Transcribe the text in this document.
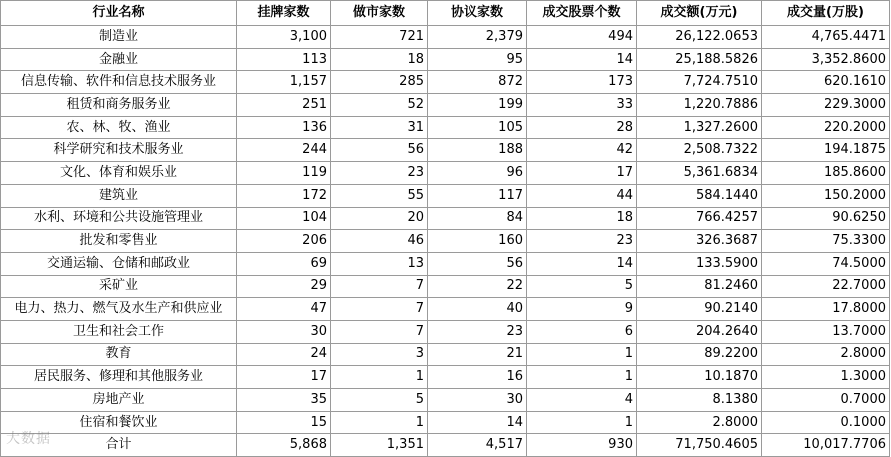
行业名称	挂牌家数	做市家数	协议家数	成交股票个数	成交额(万元)	成交量(万股)
制造业	3,100	721	2,379	494	26,122.0653	4,765.4471
金融业	113	18	95	14	25,188.5826	3,352.8600
信息传输、软件和信息技术服务业	1,157	285	872	173	7,724.7510	620.1610
租赁和商务服务业	251	52	199	33	1,220.7886	229.3000
农、林、牧、渔业	136	31	105	28	1,327.2600	220.2000
科学研究和技术服务业	244	56	188	42	2,508.7322	194.1875
文化、体育和娱乐业	119	23	96	17	5,361.6834	185.8600
建筑业	172	55	117	44	584.1440	150.2000
水利、环境和公共设施管理业	104	20	84	18	766.4257	90.6250
批发和零售业	206	46	160	23	326.3687	75.3300
交通运输、仓储和邮政业	69	13	56	14	133.5900	74.5000
采矿业	29	7	22	5	81.2460	22.7000
电力、热力、燃气及水生产和供应业	47	7	40	9	90.2140	17.8000
卫生和社会工作	30	7	23	6	204.2640	13.7000
教育	24	3	21	1	89.2200	2.8000
居民服务、修理和其他服务业	17	1	16	1	10.1870	1.3000
房地产业	35	5	30	4	8.1380	0.7000
住宿和餐饮业	15	1	14	1	2.8000	0.1000
合计	5,868	1,351	4,517	930	71,750.4605	10,017.7706
大数据
